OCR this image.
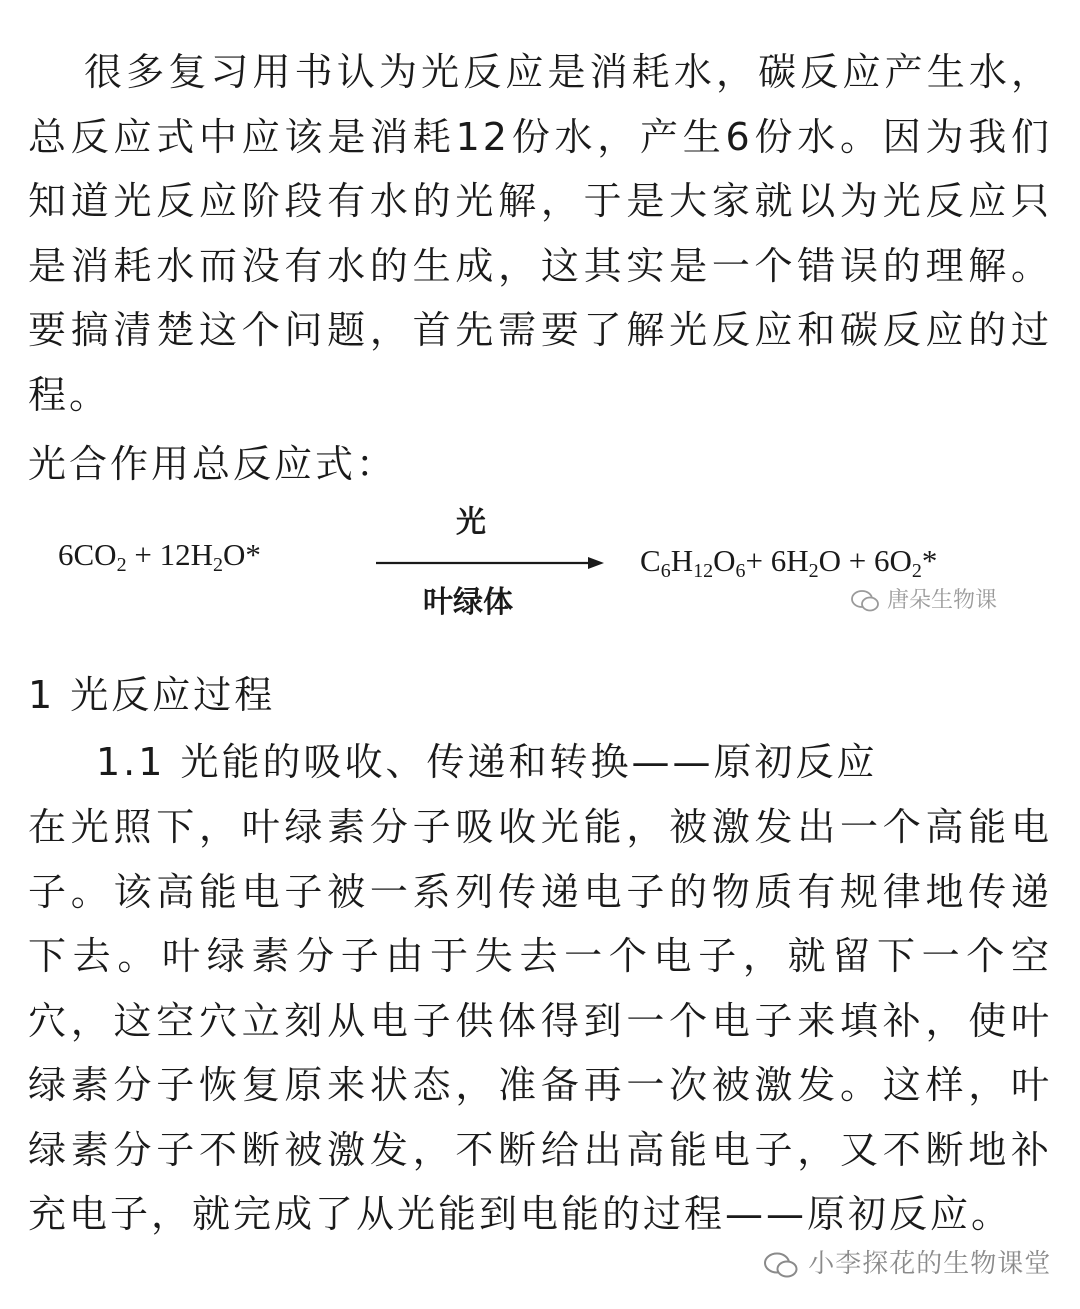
很多复习用书认为光反应是消耗水，碳反应产生水，总反应式中应该是消耗12份水，产生6份水。因为我们知道光反应阶段有水的光解，于是大家就以为光反应只是消耗水而没有水的生成，这其实是一个错误的理解。要搞清楚这个问题，首先需要了解光反应和碳反应的过程。

光合作用总反应式：

$6CO_2 + 12H_2O*$
光
叶绿体
$C_6H_{12}O_6+ 6H_2O + 6O_2*$
唐朵生物课

1 光反应过程

1.1 光能的吸收、传递和转换——原初反应

在光照下，叶绿素分子吸收光能，被激发出一个高能电子。该高能电子被一系列传递电子的物质有规律地传递下去。叶绿素分子由于失去一个电子，就留下一个空穴，这空穴立刻从电子供体得到一个电子来填补，使叶绿素分子恢复原来状态，准备再一次被激发。这样，叶绿素分子不断被激发，不断给出高能电子，又不断地补充电子，就完成了从光能到电能的过程——原初反应。

小李探花的生物课堂
